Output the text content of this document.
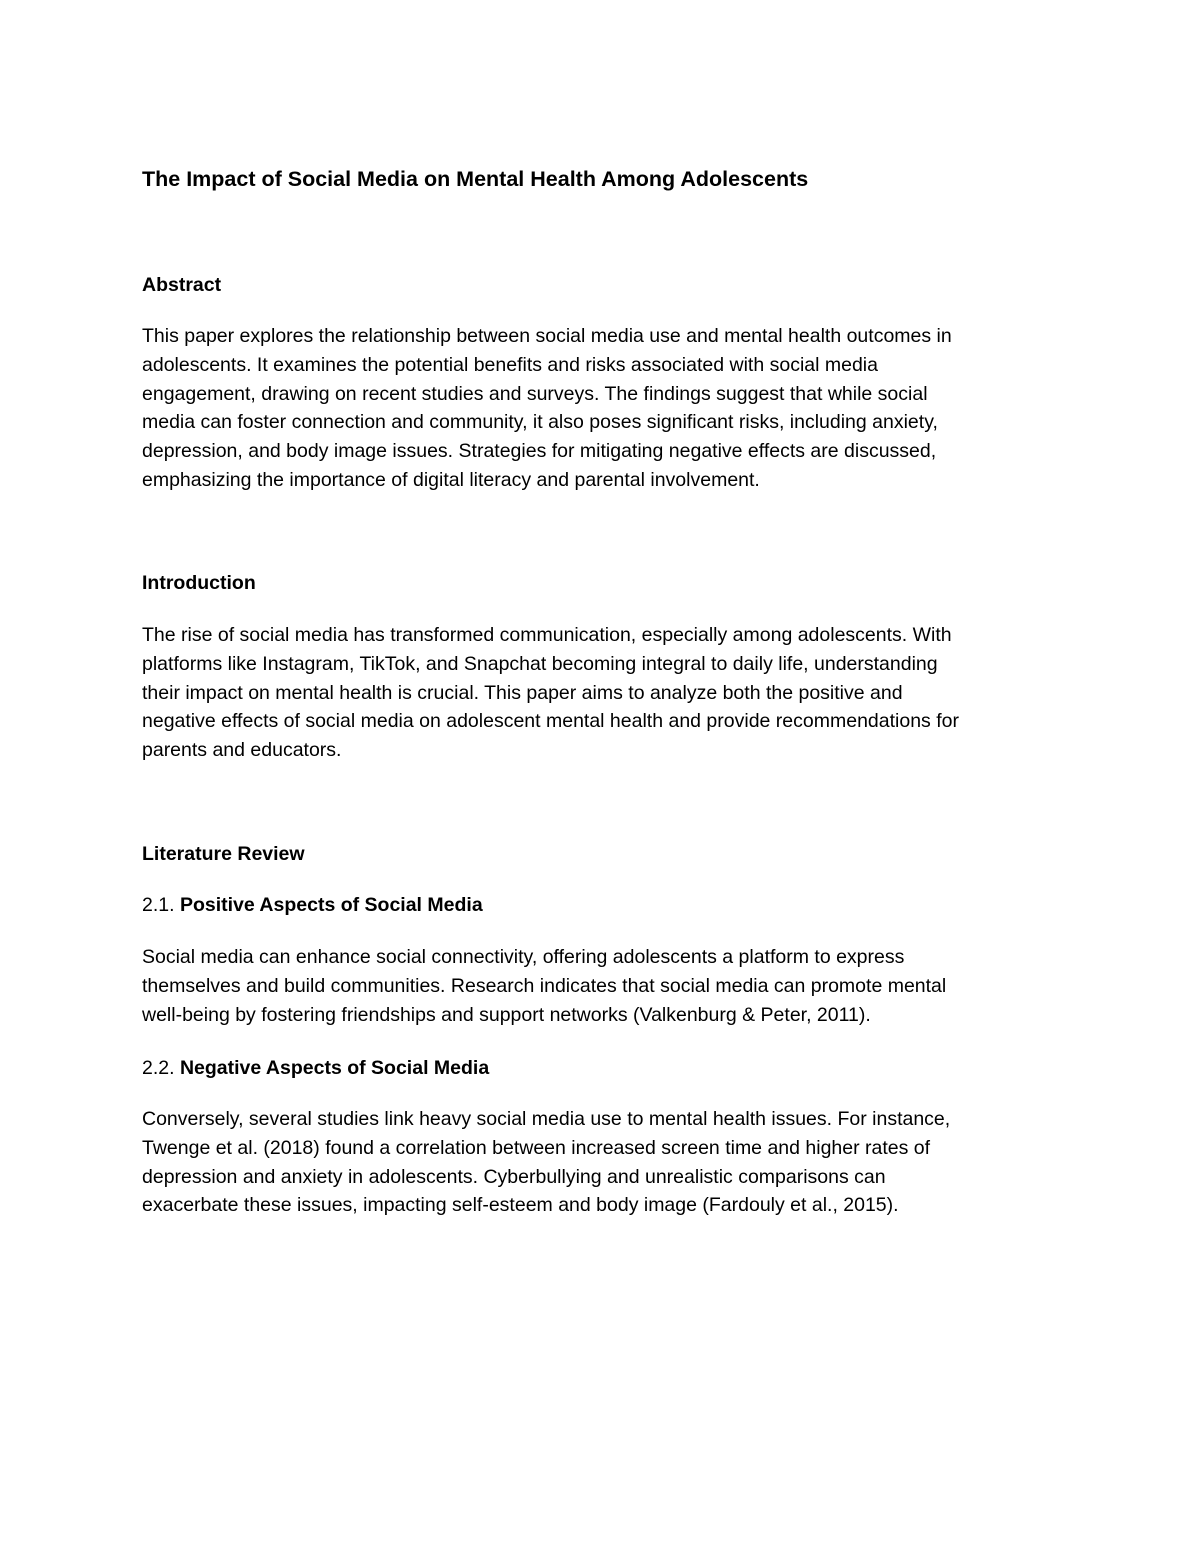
The Impact of Social Media on Mental Health Among Adolescents
Abstract

This paper explores the relationship between social media use and mental health outcomes in
adolescents. It examines the potential benefits and risks associated with social media
engagement, drawing on recent studies and surveys. The findings suggest that while social
media can foster connection and community, it also poses significant risks, including anxiety,
depression, and body image issues. Strategies for mitigating negative effects are discussed,
emphasizing the importance of digital literacy and parental involvement.

Introduction

The rise of social media has transformed communication, especially among adolescents. With
platforms like Instagram, TikTok, and Snapchat becoming integral to daily life, understanding
their impact on mental health is crucial. This paper aims to analyze both the positive and
negative effects of social media on adolescent mental health and provide recommendations for
parents and educators.

Literature Review
2.1. Positive Aspects of Social Media

Social media can enhance social connectivity, offering adolescents a platform to express
themselves and build communities. Research indicates that social media can promote mental
well-being by fostering friendships and support networks (Valkenburg & Peter, 2011).

2.2. Negative Aspects of Social Media

Conversely, several studies link heavy social media use to mental health issues. For instance,
Twenge et al. (2018) found a correlation between increased screen time and higher rates of
depression and anxiety in adolescents. Cyberbullying and unrealistic comparisons can
exacerbate these issues, impacting self-esteem and body image (Fardouly et al., 2015).
